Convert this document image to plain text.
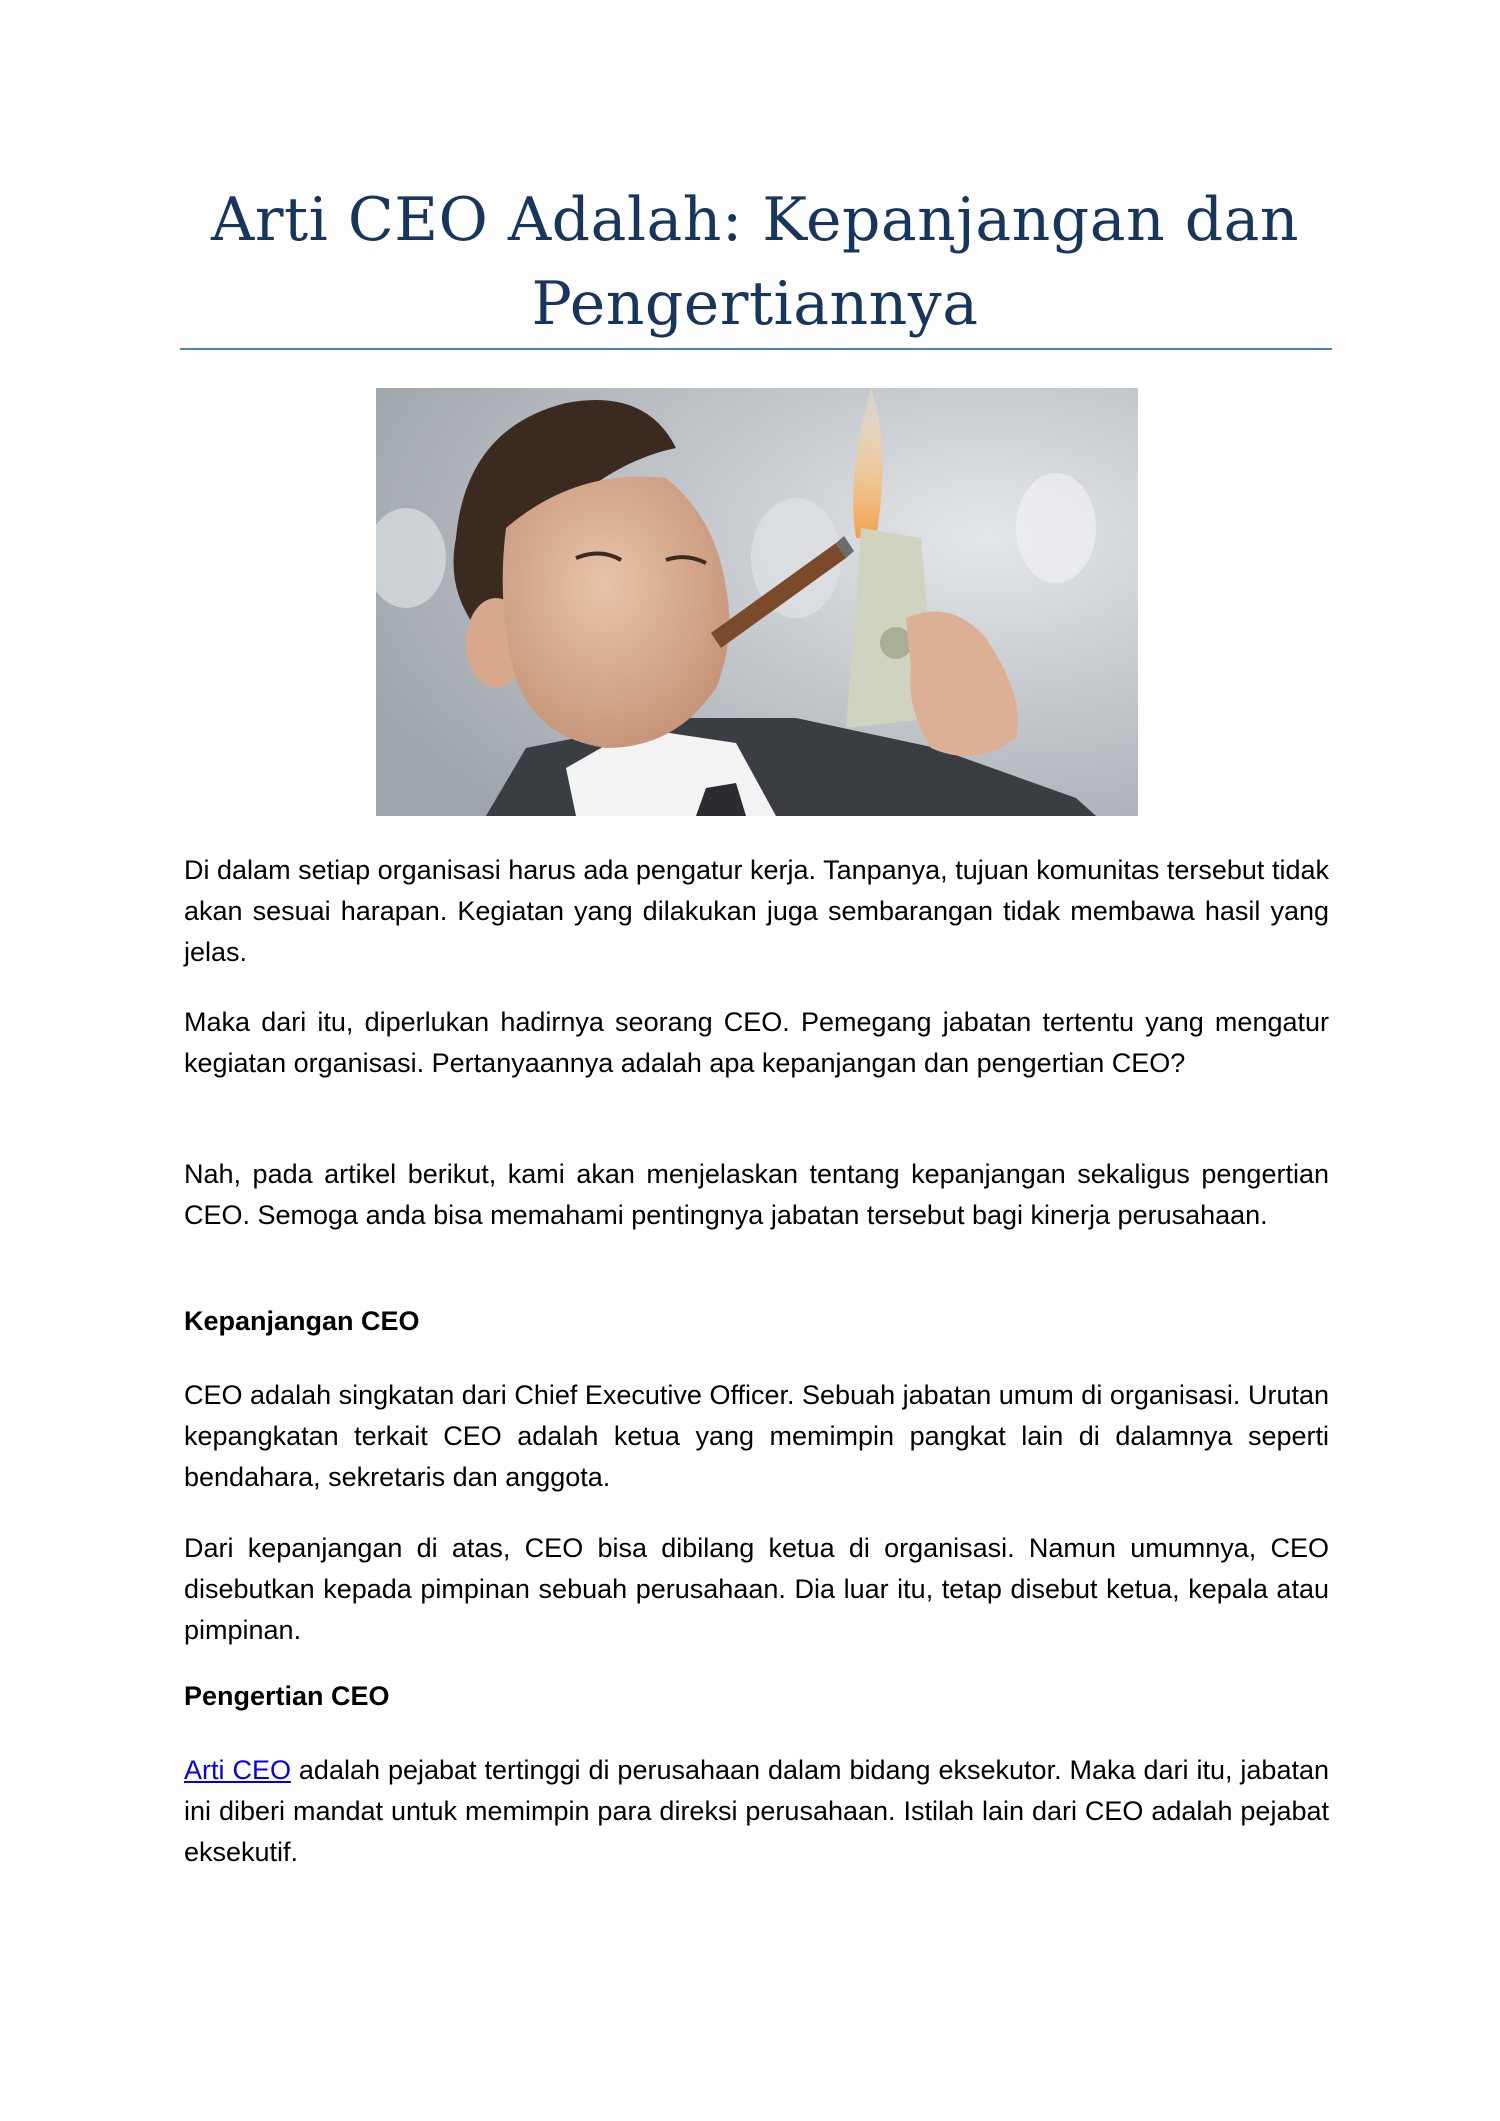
Arti CEO Adalah: Kepanjangan dan Pengertiannya

Di dalam setiap organisasi harus ada pengatur kerja. Tanpanya, tujuan komunitas tersebut tidak akan sesuai harapan. Kegiatan yang dilakukan juga sembarangan tidak membawa hasil yang jelas.

Maka dari itu, diperlukan hadirnya seorang CEO. Pemegang jabatan tertentu yang mengatur kegiatan organisasi. Pertanyaannya adalah apa kepanjangan dan pengertian CEO?

Nah, pada artikel berikut, kami akan menjelaskan tentang kepanjangan sekaligus pengertian CEO. Semoga anda bisa memahami pentingnya jabatan tersebut bagi kinerja perusahaan.

Kepanjangan CEO

CEO adalah singkatan dari Chief Executive Officer. Sebuah jabatan umum di organisasi. Urutan kepangkatan terkait CEO adalah ketua yang memimpin pangkat lain di dalamnya seperti bendahara, sekretaris dan anggota.

Dari kepanjangan di atas, CEO bisa dibilang ketua di organisasi. Namun umumnya, CEO disebutkan kepada pimpinan sebuah perusahaan. Dia luar itu, tetap disebut ketua, kepala atau pimpinan.

Pengertian CEO

Arti CEO adalah pejabat tertinggi di perusahaan dalam bidang eksekutor. Maka dari itu, jabatan ini diberi mandat untuk memimpin para direksi perusahaan. Istilah lain dari CEO adalah pejabat eksekutif.
